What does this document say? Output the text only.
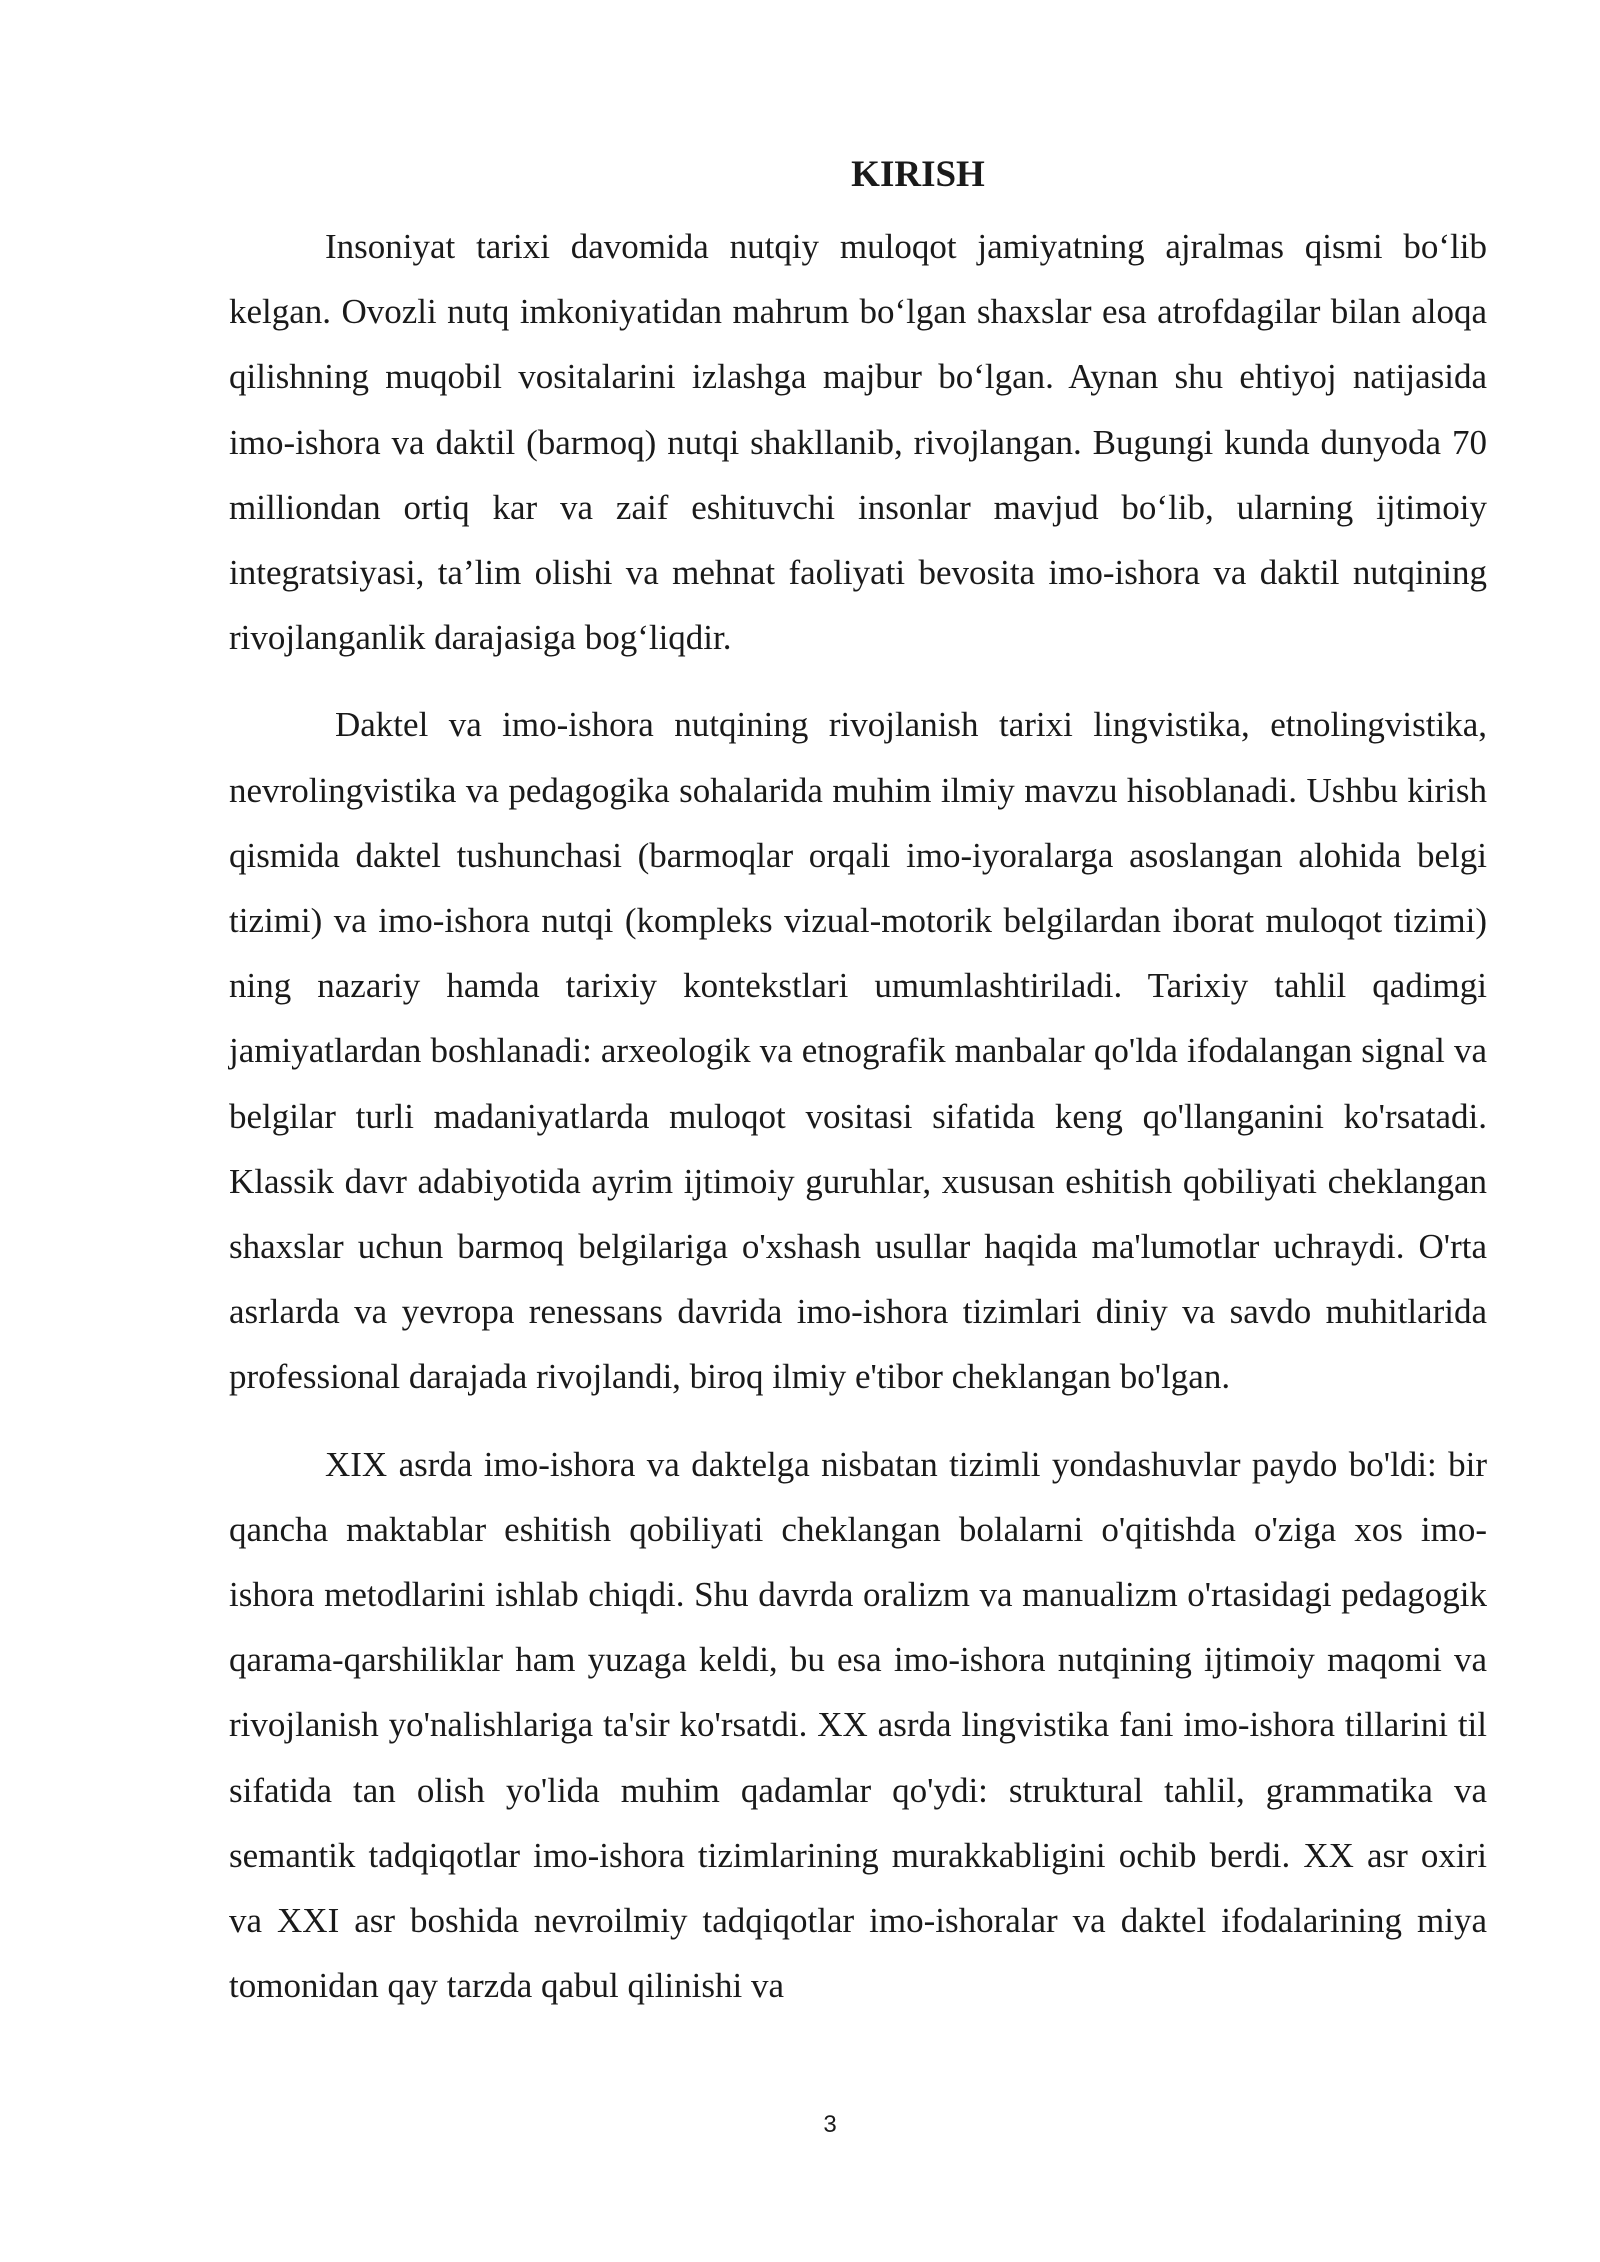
KIRISH

Insoniyat tarixi davomida nutqiy muloqot jamiyatning ajralmas qismi bo‘lib kelgan. Ovozli nutq imkoniyatidan mahrum bo‘lgan shaxslar esa atrofdagilar bilan aloqa qilishning muqobil vositalarini izlashga majbur bo‘lgan. Aynan shu ehtiyoj natijasida imo-ishora va daktil (barmoq) nutqi shakllanib, rivojlangan. Bugungi kunda dunyoda 70 milliondan ortiq kar va zaif eshituvchi insonlar mavjud bo‘lib, ularning ijtimoiy integratsiyasi, ta’lim olishi va mehnat faoliyati bevosita imo-ishora va daktil nutqining rivojlanganlik darajasiga bog‘liqdir.

Daktel va imo-ishora nutqining rivojlanish tarixi lingvistika, etnolingvistika, nevrolingvistika va pedagogika sohalarida muhim ilmiy mavzu hisoblanadi. Ushbu kirish qismida daktel tushunchasi (barmoqlar orqali imo-iyoralarga asoslangan alohida belgi tizimi) va imo-ishora nutqi (kompleks vizual-motorik belgilardan iborat muloqot tizimi) ning nazariy hamda tarixiy kontekstlari umumlashtiriladi. Tarixiy tahlil qadimgi jamiyatlardan boshlanadi: arxeologik va etnografik manbalar qo'lda ifodalangan signal va belgilar turli madaniyatlarda muloqot vositasi sifatida keng qo'llanganini ko'rsatadi. Klassik davr adabiyotida ayrim ijtimoiy guruhlar, xususan eshitish qobiliyati cheklangan shaxslar uchun barmoq belgilariga o'xshash usullar haqida ma'lumotlar uchraydi. O'rta asrlarda va yevropa renessans davrida imo-ishora tizimlari diniy va savdo muhitlarida professional darajada rivojlandi, biroq ilmiy e'tibor cheklangan bo'lgan.

XIX asrda imo-ishora va daktelga nisbatan tizimli yondashuvlar paydo bo'ldi: bir qancha maktablar eshitish qobiliyati cheklangan bolalarni o'qitishda o'ziga xos imo-ishora metodlarini ishlab chiqdi. Shu davrda oralizm va manualizm o'rtasidagi pedagogik qarama-qarshiliklar ham yuzaga keldi, bu esa imo-ishora nutqining ijtimoiy maqomi va rivojlanish yo'nalishlariga ta'sir ko'rsatdi. XX asrda lingvistika fani imo-ishora tillarini til sifatida tan olish yo'lida muhim qadamlar qo'ydi: struktural tahlil, grammatika va semantik tadqiqotlar imo-ishora tizimlarining murakkabligini ochib berdi. XX asr oxiri va XXI asr boshida nevroilmiy tadqiqotlar imo-ishoralar va daktel ifodalarining miya tomonidan qay tarzda qabul qilinishi va

3
